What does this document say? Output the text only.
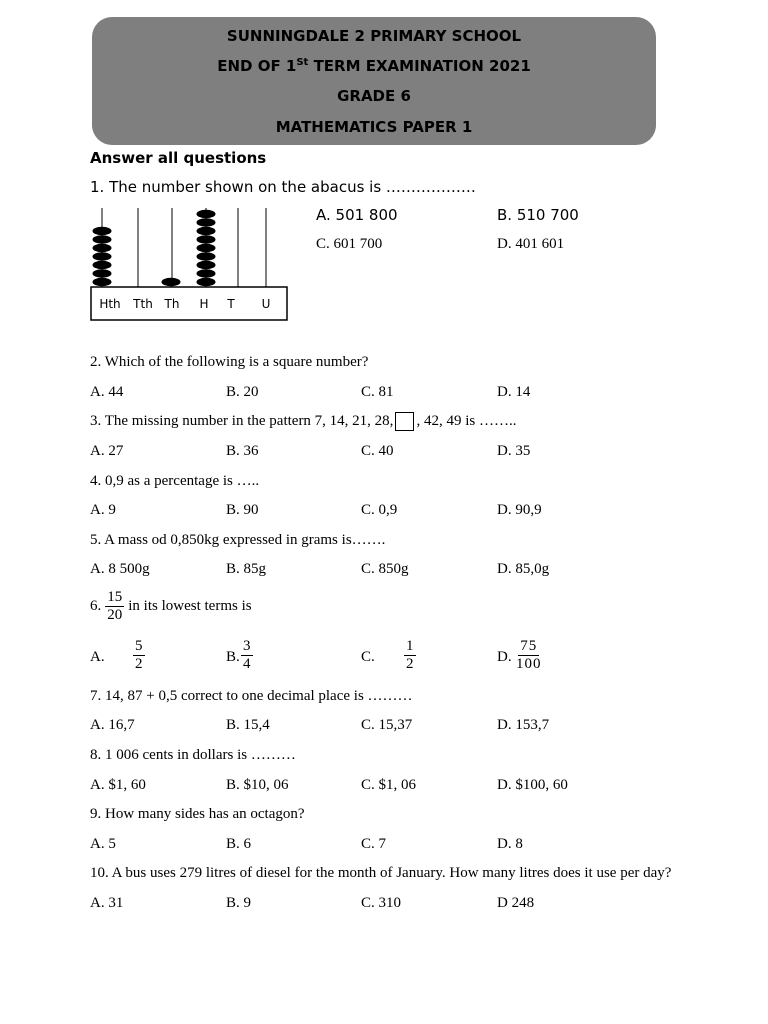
SUNNINGDALE 2 PRIMARY SCHOOL
END OF 1St TERM EXAMINATION 2021
GRADE 6
MATHEMATICS PAPER 1
Answer all questions
1. The number shown on the abacus is ………………
Hth Tth Th H T U
A. 501 800	B. 510 700
C. 601 700	D. 401 601
2. Which of the following is a square number?
A. 44	B. 20	C. 81	D. 14
3. The missing number in the pattern 7, 14, 21, 28, , 42, 49 is ……..
A. 27	B. 36	C. 40	D. 35
4. 0,9 as a percentage is …..
A. 9	B. 90	C. 0,9	D. 90,9
5. A mass od 0,850kg expressed in grams is…….
A. 8 500g	B. 85g	C. 850g	D. 85,0g
6. $\frac{15}{20}$ in its lowest terms is
A. $\frac{5}{2}$	B. $\frac{3}{4}$	C. $\frac{1}{2}$	D. $\frac{75}{100}$
7. 14, 87 + 0,5 correct to one decimal place is ………
A. 16,7	B. 15,4	C. 15,37	D. 153,7
8. 1 006 cents in dollars is ………
A. $1, 60	B. $10, 06	C. $1, 06	D. $100, 60
9. How many sides has an octagon?
A. 5	B. 6	C. 7	D. 8
10. A bus uses 279 litres of diesel for the month of January. How many litres does it use per day?
A. 31	B. 9	C. 310	D 248
